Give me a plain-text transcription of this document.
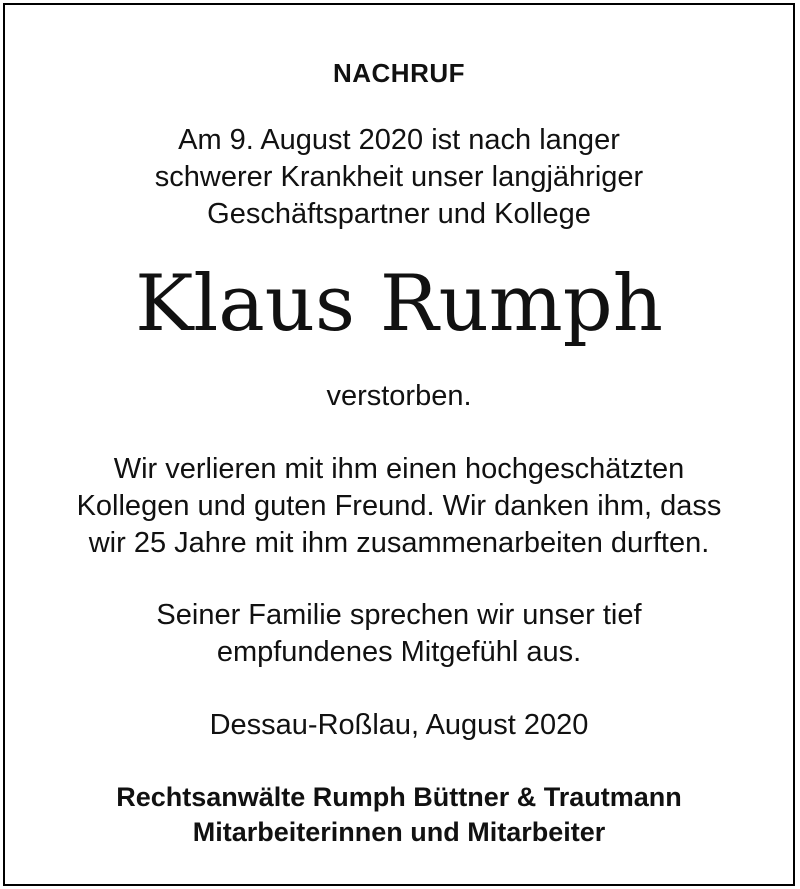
NACHRUF
Am 9. August 2020 ist nach langer
schwerer Krankheit unser langjähriger
Geschäftspartner und Kollege
Klaus Rumph
verstorben.
Wir verlieren mit ihm einen hochgeschätzten
Kollegen und guten Freund. Wir danken ihm, dass
wir 25 Jahre mit ihm zusammenarbeiten durften.
Seiner Familie sprechen wir unser tief
empfundenes Mitgefühl aus.
Dessau-Roßlau, August 2020
Rechtsanwälte Rumph Büttner & Trautmann
Mitarbeiterinnen und Mitarbeiter
